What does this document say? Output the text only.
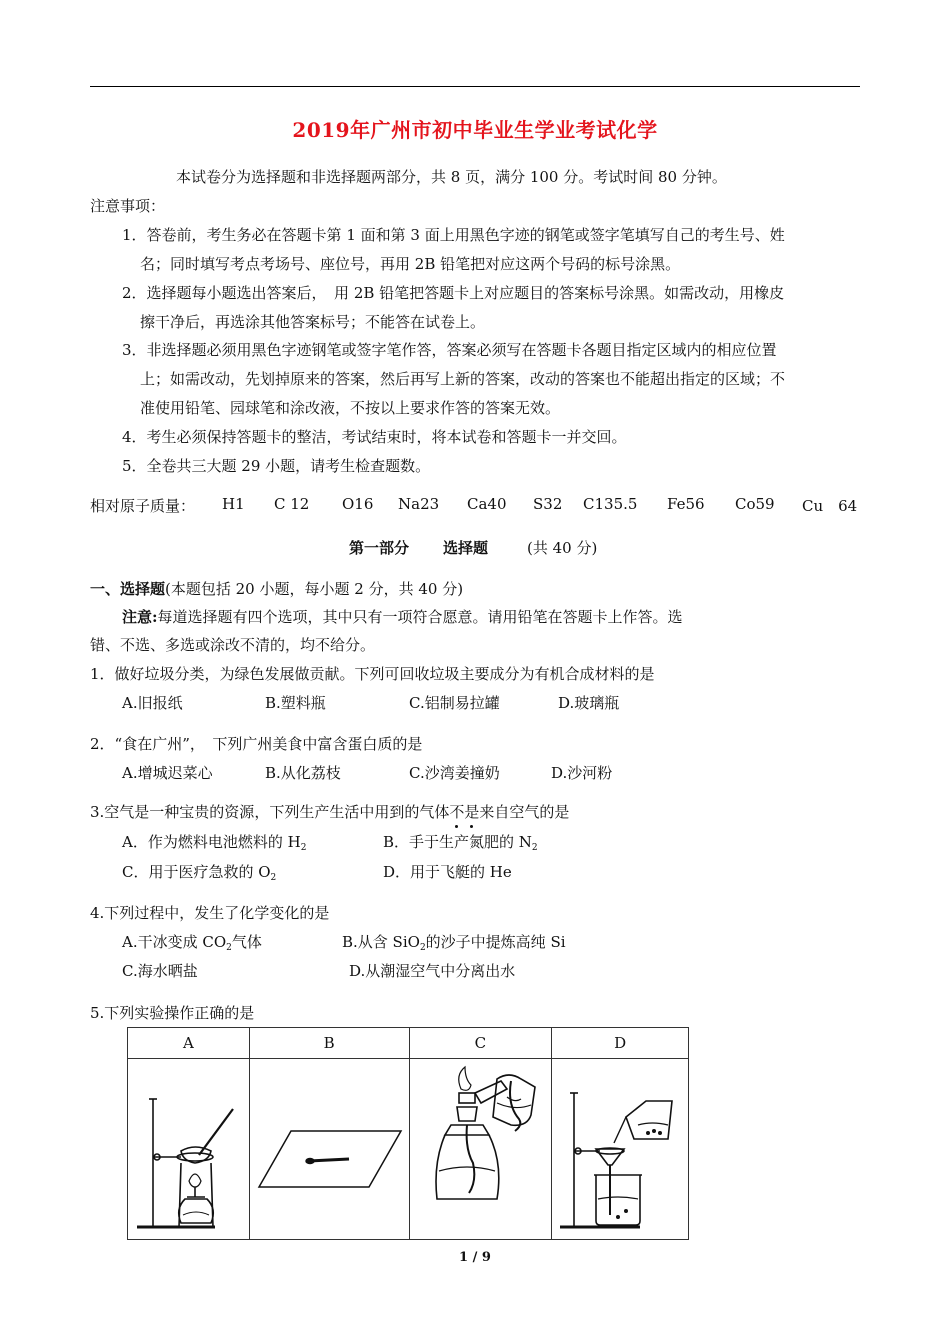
2019年广州市初中毕业生学业考试化学
本试卷分为选择题和非选择题两部分，共 8 页，满分 100 分。考试时间 80 分钟。
注意事项：
1．答卷前，考生务必在答题卡第 1 面和第 3 面上用黑色字迹的钢笔或签字笔填写自己的考生号、姓
名；同时填写考点考场号、座位号，再用 2B 铅笔把对应这两个号码的标号涂黑。
2．选择题每小题选出答案后，　用 2B 铅笔把答题卡上对应题目的答案标号涂黑。如需改动，用橡皮
擦干净后，再选涂其他答案标号；不能答在试卷上。
3．非选择题必须用黑色字迹钢笔或签字笔作答，答案必须写在答题卡各题目指定区域内的相应位置
上；如需改动，先划掉原来的答案，然后再写上新的答案，改动的答案也不能超出指定的区域；不
准使用铅笔、园球笔和涂改液，不按以上要求作答的答案无效。
4．考生必须保持答题卡的整洁，考试结束时，将本试卷和答题卡一并交回。
5．全卷共三大题 29 小题，请考生检查题数。
相对原子质量： H1 C 12 O16 Na23 Ca40 S32 C135.5 Fe56 Co59 Cu　64
第一部分 选择题	(共 40 分)
一、选择题(本题包括 20 小题，每小题 2 分，共 40 分)
注意:每道选择题有四个选项，其中只有一项符合愿意。请用铅笔在答题卡上作答。选
错、不选、多选或涂改不清的，均不给分。
1．做好垃圾分类，为绿色发展做贡献。下列可回收垃圾主要成分为有机合成材料的是
A.旧报纸	B.塑料瓶	C.铝制易拉罐	D.玻璃瓶
2．“食在广州”，　下列广州美食中富含蛋白质的是
A.增城迟菜心	B.从化荔枝	C.沙湾姜撞奶	D.沙河粉
3.空气是一种宝贵的资源，下列生产生活中用到的气体不是来自空气的是
A．作为燃料电池燃料的 $H_2$	B．手于生产氮肥的 $N_2$
C．用于医疗急救的 $O_2$	D．用于飞艇的 He
4.下列过程中，发生了化学变化的是
A.干冰变成 $CO_2$气体	B.从含 SiO$_2$的沙子中提炼高纯 Si
C.海水晒盐	D.从潮湿空气中分离出水
5.下列实验操作正确的是
A	B	C	D

1 / 9
